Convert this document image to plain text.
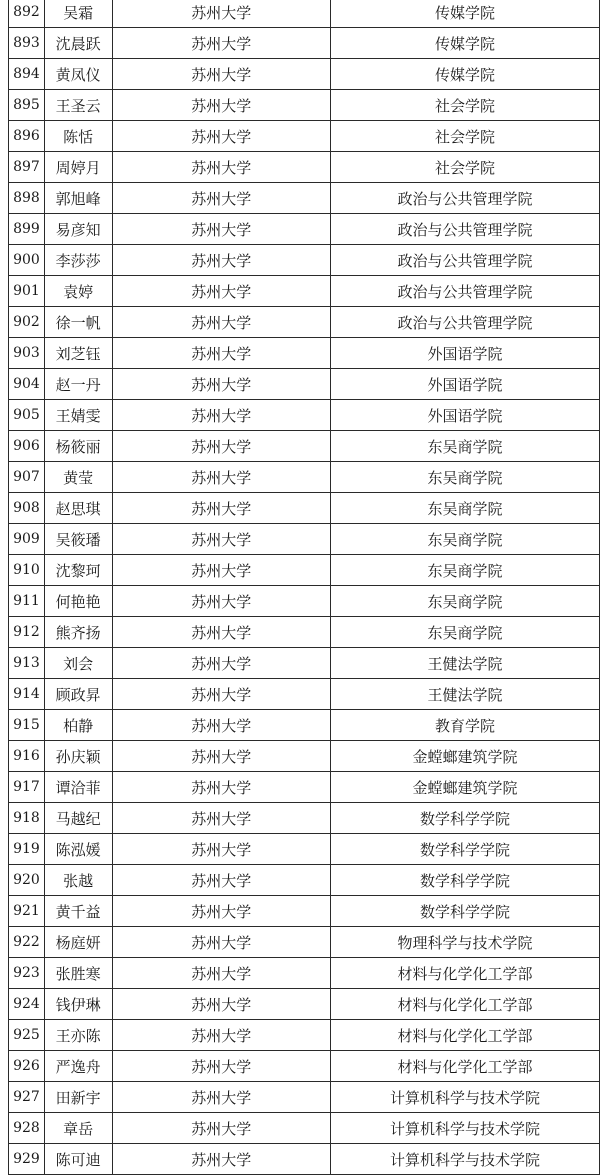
892	吴霜	苏州大学	传媒学院
893	沈晨跃	苏州大学	传媒学院
894	黄凤仪	苏州大学	传媒学院
895	王圣云	苏州大学	社会学院
896	陈恬	苏州大学	社会学院
897	周婷月	苏州大学	社会学院
898	郭旭峰	苏州大学	政治与公共管理学院
899	易彦知	苏州大学	政治与公共管理学院
900	李莎莎	苏州大学	政治与公共管理学院
901	袁婷	苏州大学	政治与公共管理学院
902	徐一帆	苏州大学	政治与公共管理学院
903	刘芝钰	苏州大学	外国语学院
904	赵一丹	苏州大学	外国语学院
905	王婧雯	苏州大学	外国语学院
906	杨筱丽	苏州大学	东吴商学院
907	黄莹	苏州大学	东吴商学院
908	赵思琪	苏州大学	东吴商学院
909	吴筱璠	苏州大学	东吴商学院
910	沈黎珂	苏州大学	东吴商学院
911	何艳艳	苏州大学	东吴商学院
912	熊齐扬	苏州大学	东吴商学院
913	刘会	苏州大学	王健法学院
914	顾政昇	苏州大学	王健法学院
915	柏静	苏州大学	教育学院
916	孙庆颖	苏州大学	金螳螂建筑学院
917	谭洽菲	苏州大学	金螳螂建筑学院
918	马越纪	苏州大学	数学科学学院
919	陈泓媛	苏州大学	数学科学学院
920	张越	苏州大学	数学科学学院
921	黄千益	苏州大学	数学科学学院
922	杨庭妍	苏州大学	物理科学与技术学院
923	张胜寒	苏州大学	材料与化学化工学部
924	钱伊琳	苏州大学	材料与化学化工学部
925	王亦陈	苏州大学	材料与化学化工学部
926	严逸舟	苏州大学	材料与化学化工学部
927	田新宇	苏州大学	计算机科学与技术学院
928	章岳	苏州大学	计算机科学与技术学院
929	陈可迪	苏州大学	计算机科学与技术学院
